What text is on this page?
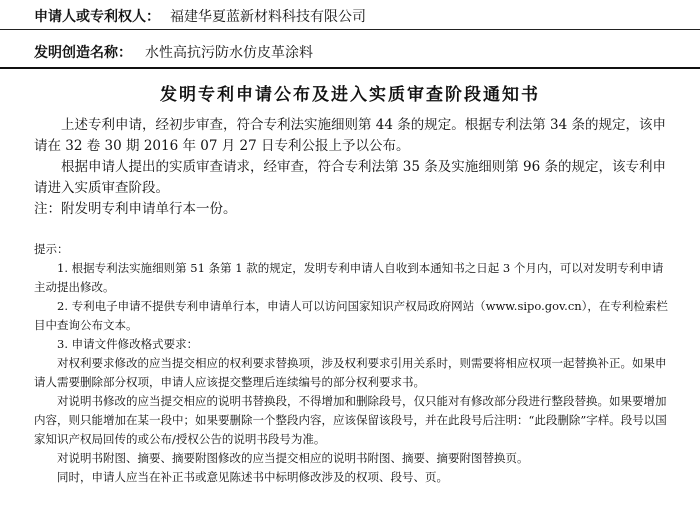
申请人或专利权人： 福建华夏蓝新材料科技有限公司
发明创造名称： 水性高抗污防水仿皮革涂料
发明专利申请公布及进入实质审查阶段通知书

上述专利申请，经初步审查，符合专利法实施细则第 44 条的规定。根据专利法第 34 条的规定，该申请在 32 卷 30 期 2016 年 07 月 27 日专利公报上予以公布。

根据申请人提出的实质审查请求，经审查，符合专利法第 35 条及实施细则第 96 条的规定，该专利申请进入实质审查阶段。

注：附发明专利申请单行本一份。

提示：

1. 根据专利法实施细则第 51 条第 1 款的规定，发明专利申请人自收到本通知书之日起 3 个月内，可以对发明专利申请主动提出修改。

2. 专利电子申请不提供专利申请单行本，申请人可以访问国家知识产权局政府网站（www.sipo.gov.cn），在专利检索栏目中查询公布文本。

3. 申请文件修改格式要求：

对权利要求修改的应当提交相应的权利要求替换项，涉及权利要求引用关系时，则需要将相应权项一起替换补正。如果申请人需要删除部分权项，申请人应该提交整理后连续编号的部分权利要求书。

对说明书修改的应当提交相应的说明书替换段，不得增加和删除段号，仅只能对有修改部分段进行整段替换。如果要增加内容，则只能增加在某一段中；如果要删除一个整段内容，应该保留该段号，并在此段号后注明：“此段删除”字样。段号以国家知识产权局回传的或公布/授权公告的说明书段号为准。

对说明书附图、摘要、摘要附图修改的应当提交相应的说明书附图、摘要、摘要附图替换页。

同时，申请人应当在补正书或意见陈述书中标明修改涉及的权项、段号、页。
